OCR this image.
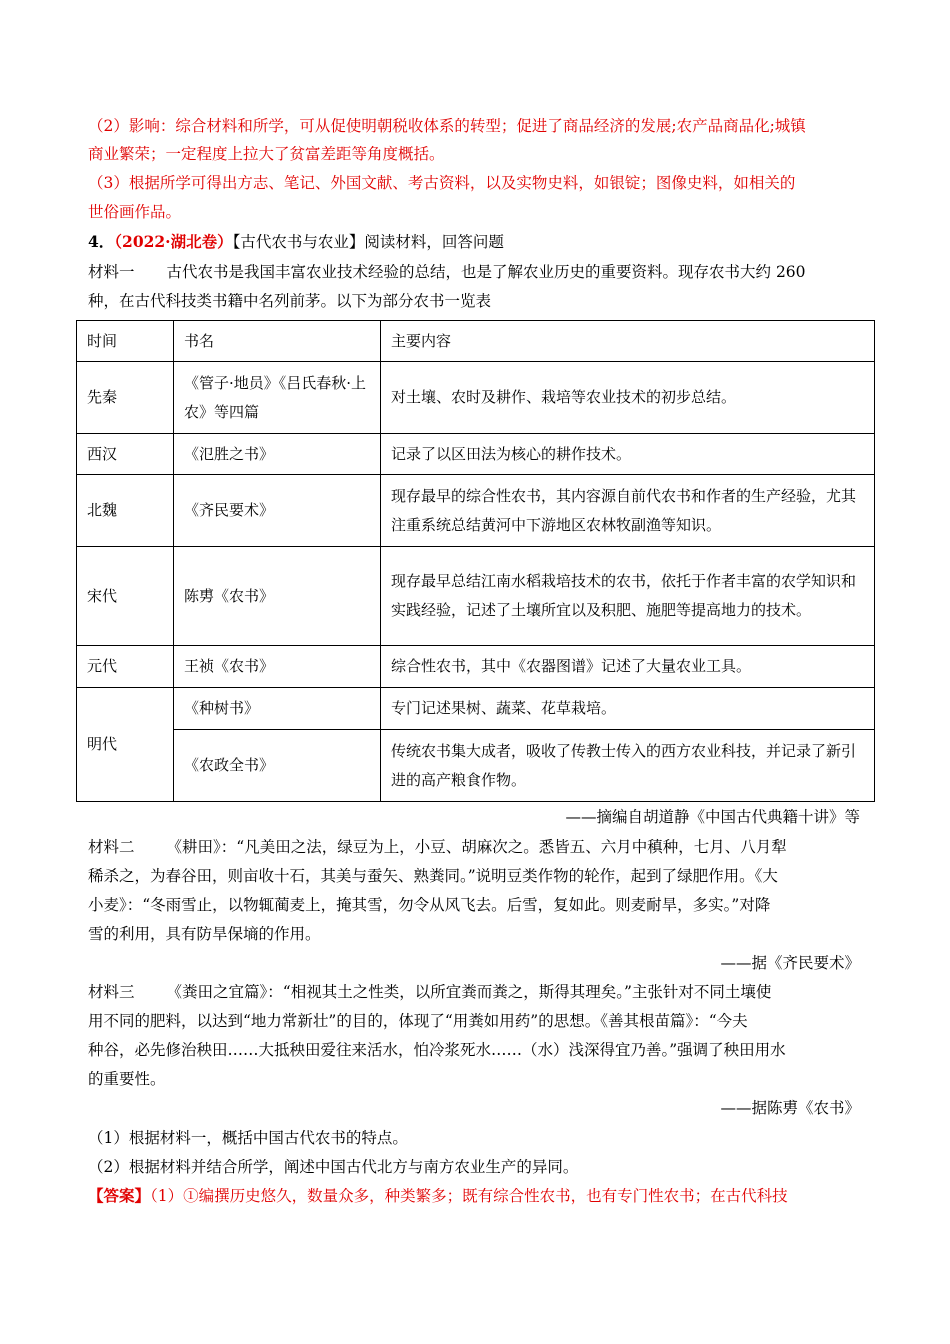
（2）影响：综合材料和所学，可从促使明朝税收体系的转型；促进了商品经济的发展;农产品商品化;城镇
商业繁荣；一定程度上拉大了贫富差距等角度概括。
（3）根据所学可得出方志、笔记、外国文献、考古资料，以及实物史料，如银锭；图像史料，如相关的
世俗画作品。
4．（2022·湖北卷）【古代农书与农业】阅读材料，回答问题
材料一 古代农书是我国丰富农业技术经验的总结，也是了解农业历史的重要资料。现存农书大约 260
种，在古代科技类书籍中名列前茅。以下为部分农书一览表
时间	书名	主要内容
先秦	《管子·地员》《吕氏春秋·上农》等四篇	对土壤、农时及耕作、栽培等农业技术的初步总结。
西汉	《氾胜之书》	记录了以区田法为核心的耕作技术。
北魏	《齐民要术》	现存最早的综合性农书，其内容源自前代农书和作者的生产经验，尤其注重系统总结黄河中下游地区农林牧副渔等知识。
宋代	陈旉《农书》	现存最早总结江南水稻栽培技术的农书，依托于作者丰富的农学知识和实践经验，记述了土壤所宜以及积肥、施肥等提高地力的技术。
元代	王祯《农书》	综合性农书，其中《农器图谱》记述了大量农业工具。
明代	《种树书》	专门记述果树、蔬菜、花草栽培。
	《农政全书》	传统农书集大成者，吸收了传教士传入的西方农业科技，并记录了新引进的高产粮食作物。
——摘编自胡道静《中国古代典籍十讲》等
材料二 《耕田》：“凡美田之法，绿豆为上，小豆、胡麻次之。悉皆五、六月中稹种，七月、八月犁
稀杀之，为春谷田，则亩收十石，其美与蚕矢、熟粪同。”说明豆类作物的轮作，起到了绿肥作用。《大
小麦》：“冬雨雪止，以物辄蔺麦上，掩其雪，勿令从风飞去。后雪，复如此。则麦耐旱，多实。”对降
雪的利用，具有防旱保墒的作用。
——据《齐民要术》
材料三 《粪田之宜篇》：“相视其土之性类，以所宜粪而粪之，斯得其理矣。”主张针对不同土壤使
用不同的肥料，以达到“地力常新壮”的目的，体现了“用粪如用药”的思想。《善其根苗篇》：“今夫
种谷，必先修治秧田……大抵秧田爱往来活水，怕冷浆死水……（水）浅深得宜乃善。”强调了秧田用水
的重要性。
——据陈旉《农书》
（1）根据材料一，概括中国古代农书的特点。
（2）根据材料并结合所学，阐述中国古代北方与南方农业生产的异同。
【答案】（1）①编撰历史悠久，数量众多，种类繁多；既有综合性农书，也有专门性农书；在古代科技
